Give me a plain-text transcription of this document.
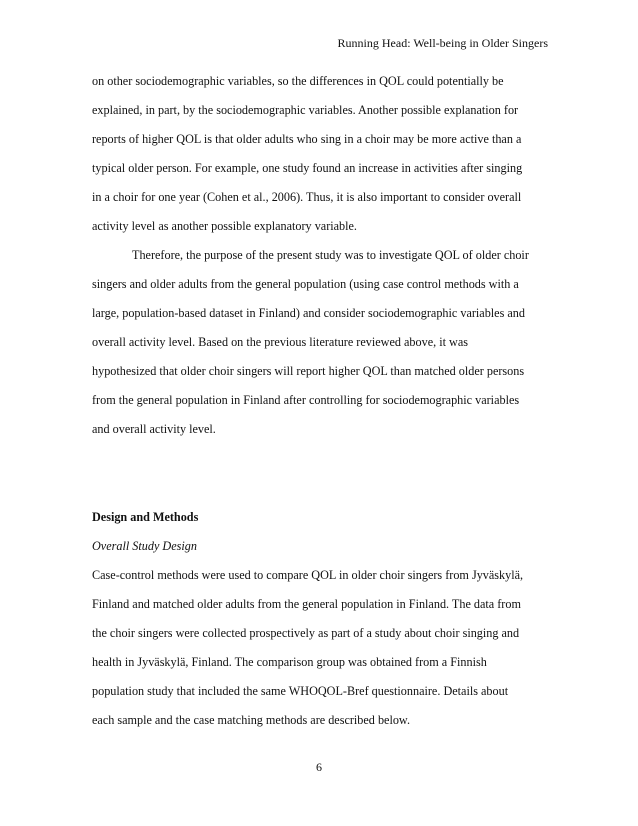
Running Head: Well-being in Older Singers
on other sociodemographic variables, so the differences in QOL could potentially be
explained, in part, by the sociodemographic variables. Another possible explanation for
reports of higher QOL is that older adults who sing in a choir may be more active than a
typical older person. For example, one study found an increase in activities after singing
in a choir for one year (Cohen et al., 2006). Thus, it is also important to consider overall
activity level as another possible explanatory variable.
Therefore, the purpose of the present study was to investigate QOL of older choir
singers and older adults from the general population (using case control methods with a
large, population-based dataset in Finland) and consider sociodemographic variables and
overall activity level. Based on the previous literature reviewed above, it was
hypothesized that older choir singers will report higher QOL than matched older persons
from the general population in Finland after controlling for sociodemographic variables
and overall activity level.
Design and Methods
Overall Study Design
Case-control methods were used to compare QOL in older choir singers from Jyväskylä,
Finland and matched older adults from the general population in Finland. The data from
the choir singers were collected prospectively as part of a study about choir singing and
health in Jyväskylä, Finland. The comparison group was obtained from a Finnish
population study that included the same WHOQOL-Bref questionnaire. Details about
each sample and the case matching methods are described below.
6
